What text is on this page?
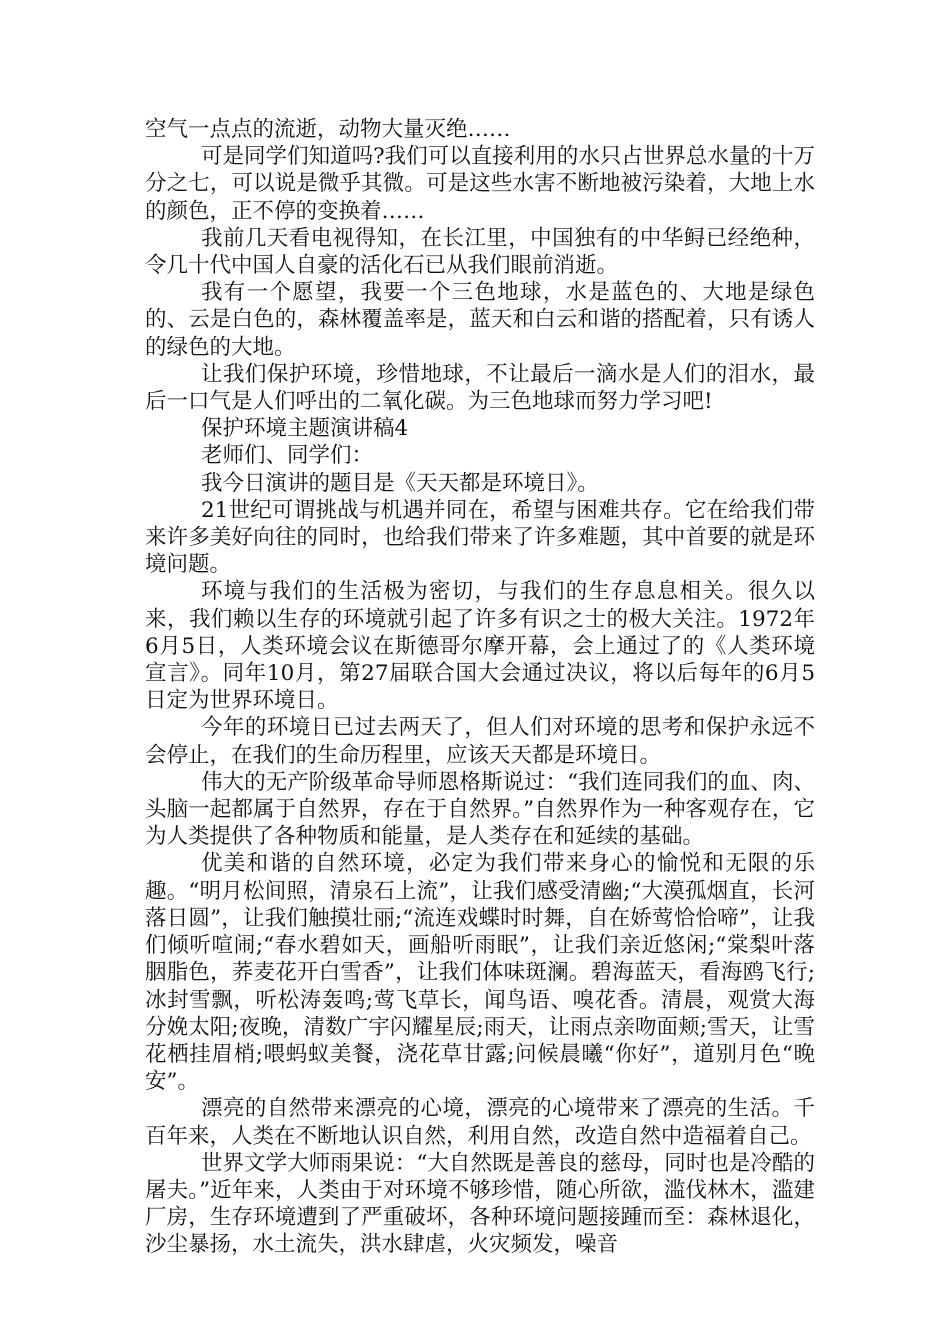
空气一点点的流逝，动物大量灭绝……

可是同学们知道吗?我们可以直接利用的水只占世界总水量的十万分之七，可以说是微乎其微。可是这些水害不断地被污染着，大地上水的颜色，正不停的变换着……

我前几天看电视得知，在长江里，中国独有的中华鲟已经绝种，令几十代中国人自豪的活化石已从我们眼前消逝。

我有一个愿望，我要一个三色地球，水是蓝色的、大地是绿色的、云是白色的，森林覆盖率是，蓝天和白云和谐的搭配着，只有诱人的绿色的大地。

让我们保护环境，珍惜地球，不让最后一滴水是人们的泪水，最后一口气是人们呼出的二氧化碳。为三色地球而努力学习吧!

保护环境主题演讲稿4

老师们、同学们：

我今日演讲的题目是《天天都是环境日》。

21世纪可谓挑战与机遇并同在，希望与困难共存。它在给我们带来许多美好向往的同时，也给我们带来了许多难题，其中首要的就是环境问题。

环境与我们的生活极为密切，与我们的生存息息相关。很久以来，我们赖以生存的环境就引起了许多有识之士的极大关注。1972年6月5日，人类环境会议在斯德哥尔摩开幕，会上通过了的《人类环境宣言》。同年10月，第27届联合国大会通过决议，将以后每年的6月5日定为世界环境日。

今年的环境日已过去两天了，但人们对环境的思考和保护永远不会停止，在我们的生命历程里，应该天天都是环境日。

伟大的无产阶级革命导师恩格斯说过：“我们连同我们的血、肉、头脑一起都属于自然界，存在于自然界。”自然界作为一种客观存在，它为人类提供了各种物质和能量，是人类存在和延续的基础。

优美和谐的自然环境，必定为我们带来身心的愉悦和无限的乐趣。“明月松间照，清泉石上流”，让我们感受清幽;“大漠孤烟直，长河落日圆”，让我们触摸壮丽;“流连戏蝶时时舞，自在娇莺恰恰啼”，让我们倾听喧闹;“春水碧如天，画船听雨眠”，让我们亲近悠闲;“棠梨叶落胭脂色，荞麦花开白雪香”，让我们体味斑澜。碧海蓝天，看海鸥飞行;冰封雪飘，听松涛轰鸣;莺飞草长，闻鸟语、嗅花香。清晨，观赏大海分娩太阳;夜晚，清数广宇闪耀星辰;雨天，让雨点亲吻面颊;雪天，让雪花栖挂眉梢;喂蚂蚁美餐，浇花草甘露;问候晨曦“你好”，道别月色“晚安”。

漂亮的自然带来漂亮的心境，漂亮的心境带来了漂亮的生活。千百年来，人类在不断地认识自然，利用自然，改造自然中造福着自己。

世界文学大师雨果说：“大自然既是善良的慈母，同时也是冷酷的屠夫。”近年来，人类由于对环境不够珍惜，随心所欲，滥伐林木，滥建厂房，生存环境遭到了严重破坏，各种环境问题接踵而至：森林退化，沙尘暴扬，水土流失，洪水肆虐，火灾频发，噪音
